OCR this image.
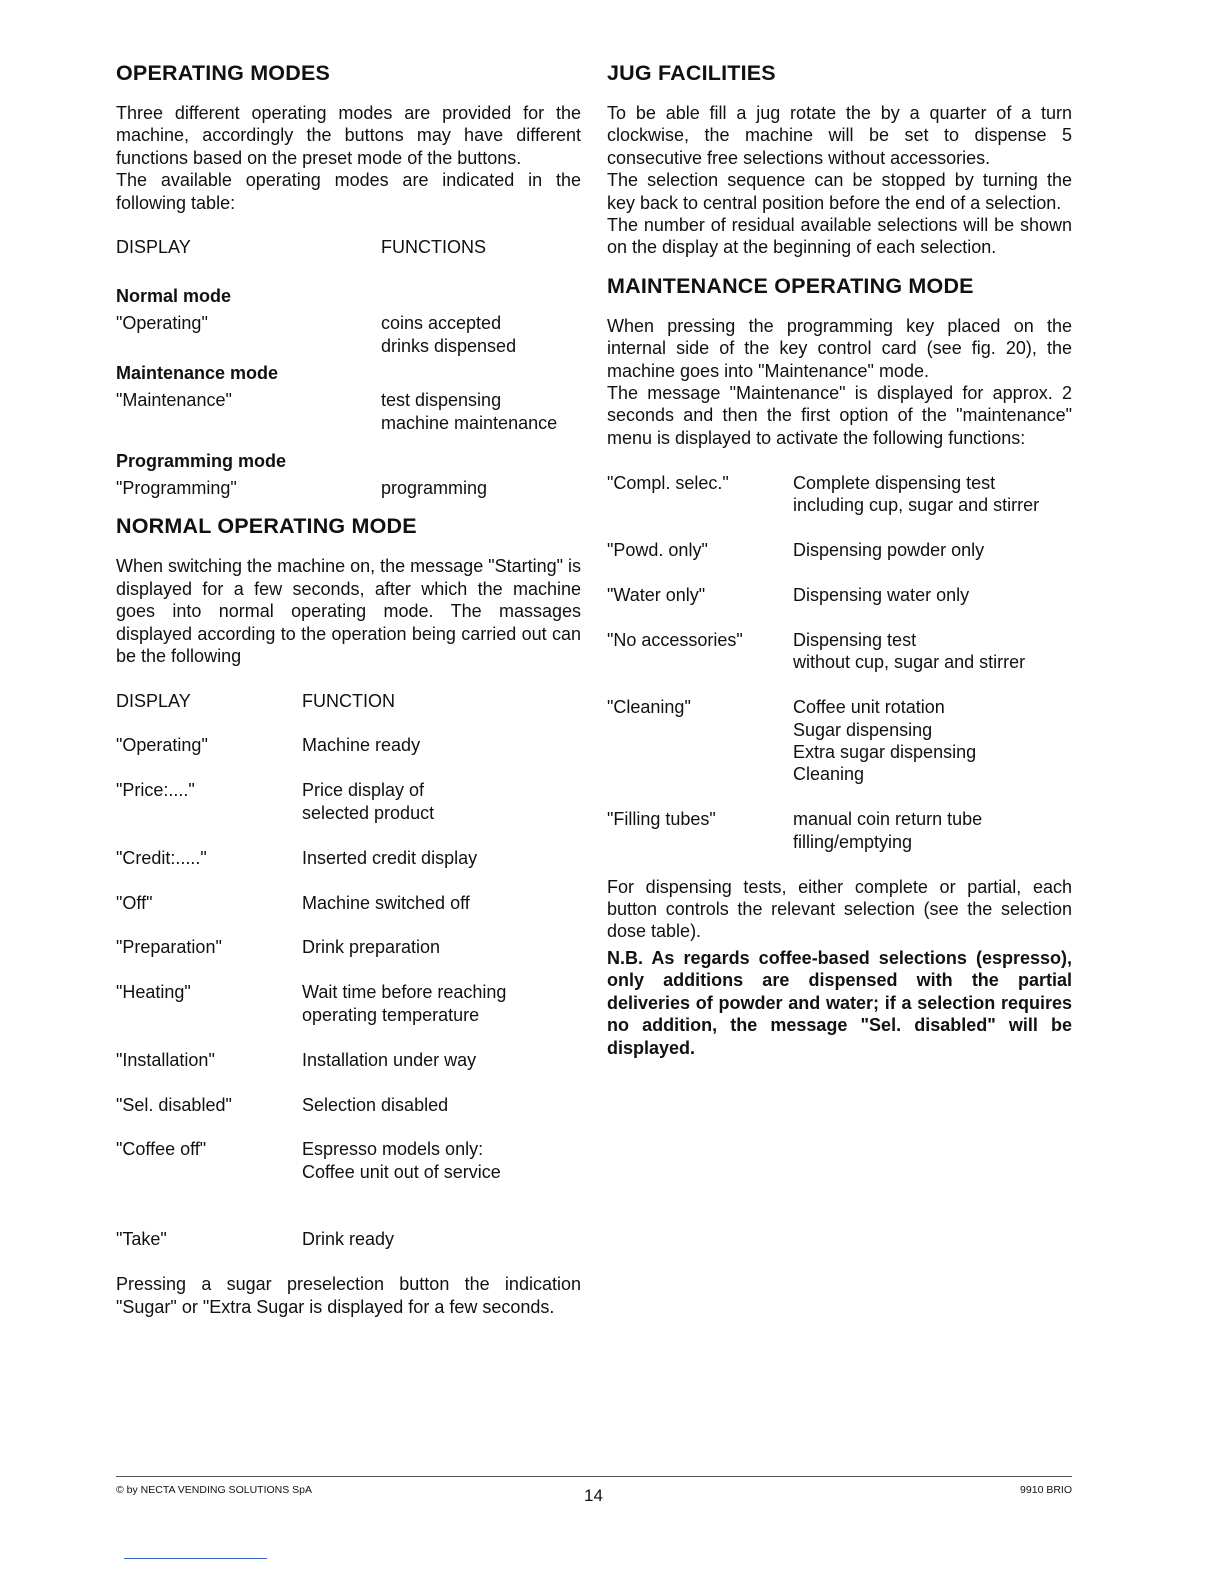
OPERATING MODES

Three different operating modes are provided for the machine, accordingly the buttons may have different functions based on the preset mode of the buttons.

The available operating modes are indicated in the following table:

DISPLAY	FUNCTIONS
Normal mode
"Operating"	coins accepted
drinks dispensed
Maintenance mode
"Maintenance"	test dispensing
machine maintenance
Programming mode
"Programming"	programming
NORMAL OPERATING MODE

When switching the machine on, the message "Starting" is displayed for a few seconds, after which the machine goes into normal operating mode. The massages displayed according to the operation being carried out can be the following

DISPLAY	FUNCTION
"Operating"	Machine ready
"Price:...."	Price display of
selected product
"Credit:....."	Inserted credit display
"Off"	Machine switched off
"Preparation"	Drink preparation
"Heating"	Wait time before reaching
operating temperature
"Installation"	Installation under way
"Sel. disabled"	Selection disabled
"Coffee off"	Espresso models only:
Coffee unit out of service
"Take"	Drink ready

Pressing a sugar preselection button the indication "Sugar" or "Extra Sugar is displayed for a few seconds.

JUG FACILITIES

To be able fill a jug rotate the by a quarter of a turn clockwise, the machine will be set to dispense 5 consecutive free selections without accessories.

The selection sequence can be stopped by turning the key back to central position before the end of a selection.

The number of residual available selections will be shown on the display at the beginning of each selection.

MAINTENANCE OPERATING MODE

When pressing the programming key placed on the internal side of the key control card (see fig. 20), the machine goes into "Maintenance" mode.

The message "Maintenance" is displayed for approx. 2 seconds and then the first option of the "maintenance" menu is displayed to activate the following functions:

"Compl. selec."	Complete dispensing test
including cup, sugar and stirrer
"Powd. only"	Dispensing powder only
"Water only"	Dispensing water only
"No accessories"	Dispensing test
without cup, sugar and stirrer
"Cleaning"	Coffee unit rotation
Sugar dispensing
Extra sugar dispensing
Cleaning
"Filling tubes"	manual coin return tube
filling/emptying

For dispensing tests, either complete or partial, each button controls the relevant selection (see the selection dose table).

N.B. As regards coffee-based selections (espresso), only additions are dispensed with the partial deliveries of powder and water; if a selection requires no addition, the message "Sel. disabled" will be displayed.

© by NECTA VENDING SOLUTIONS SpA	14	9910 BRIO
